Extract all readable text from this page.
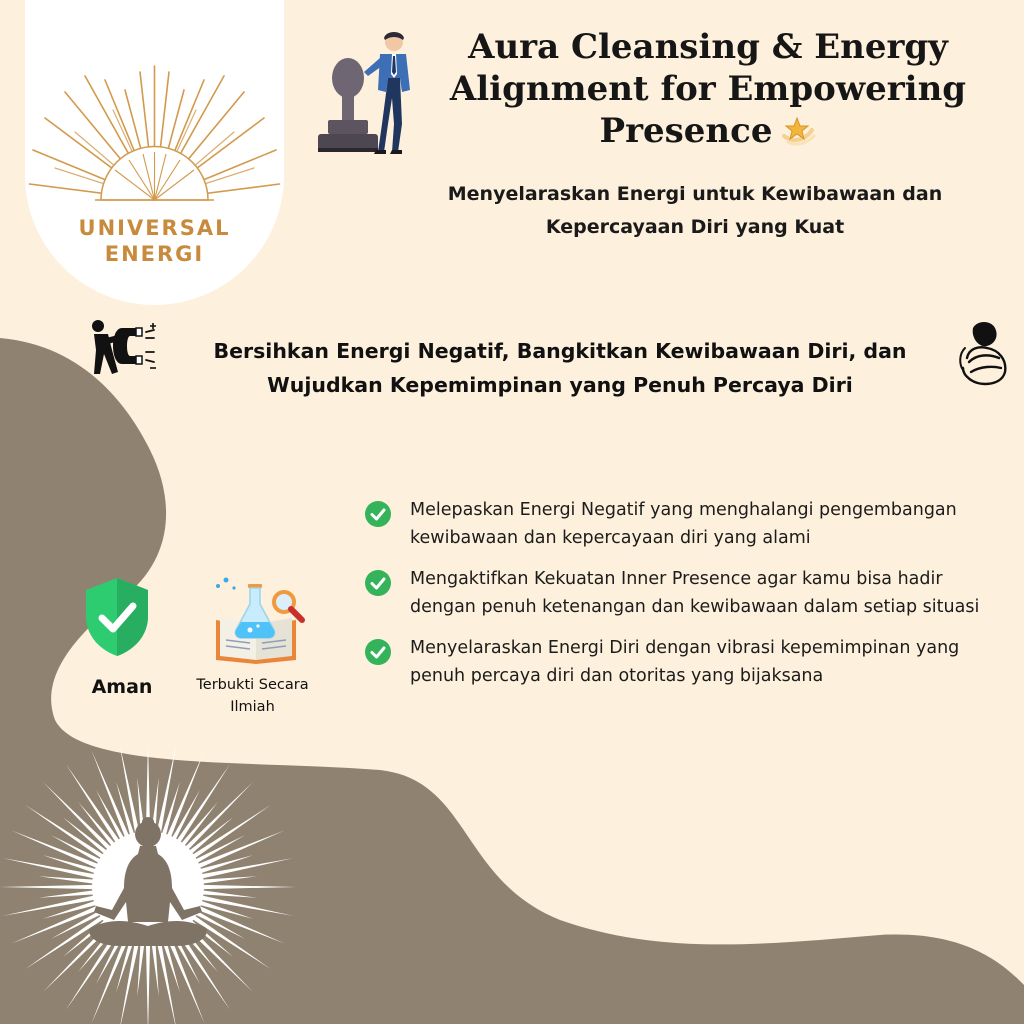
UNIVERSAL
ENERGI
Aura Cleansing & Energy
Alignment for Empowering
Presence
Menyelaraskan Energi untuk Kewibawaan dan
Kepercayaan Diri yang Kuat
Bersihkan Energi Negatif, Bangkitkan Kewibawaan Diri, dan
Wujudkan Kepemimpinan yang Penuh Percaya Diri
Melepaskan Energi Negatif yang menghalangi pengembangan kewibawaan dan kepercayaan diri yang alami
Mengaktifkan Kekuatan Inner Presence agar kamu bisa hadir dengan penuh ketenangan dan kewibawaan dalam setiap situasi
Menyelaraskan Energi Diri dengan vibrasi kepemimpinan yang penuh percaya diri dan otoritas yang bijaksana
Aman	Terbukti Secara
Ilmiah
